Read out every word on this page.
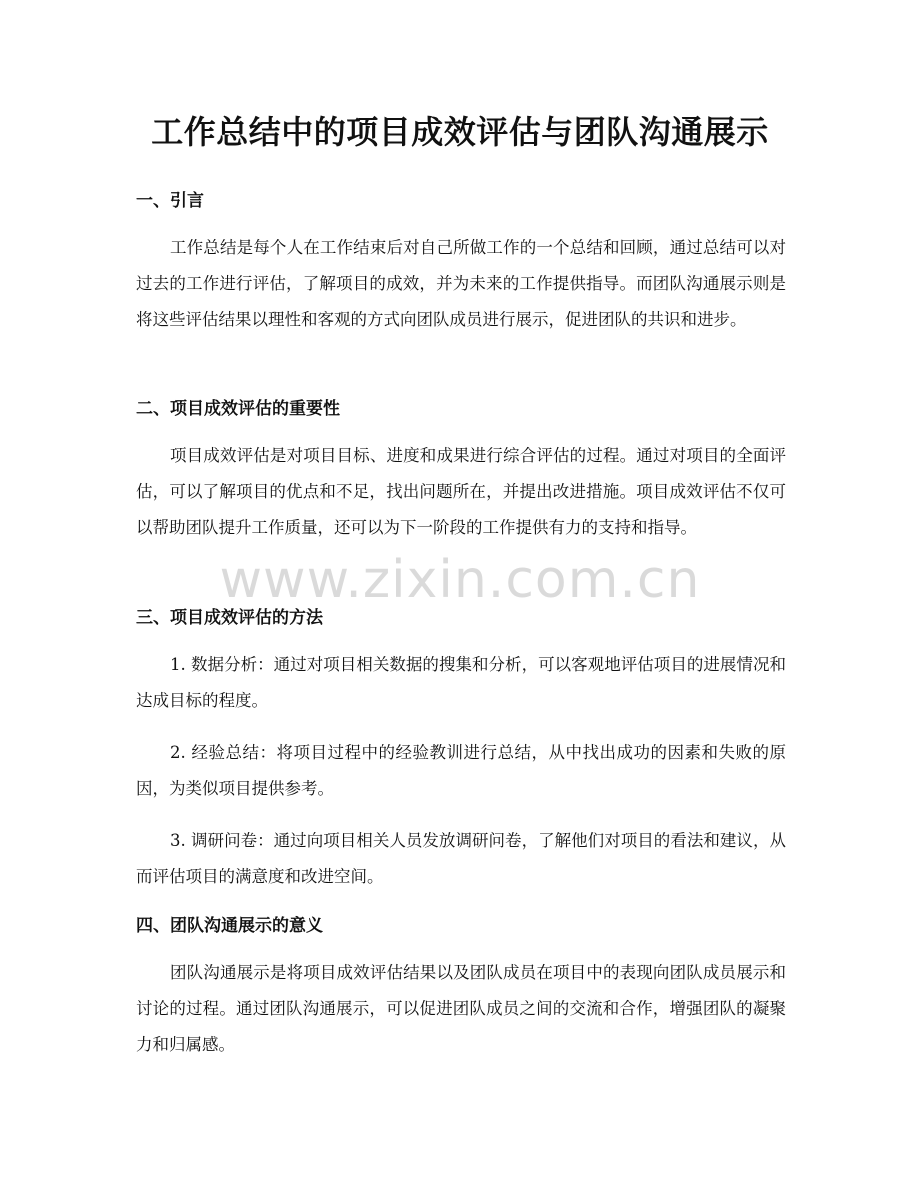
工作总结中的项目成效评估与团队沟通展示
一、引言

工作总结是每个人在工作结束后对自己所做工作的一个总结和回顾，通过总结可以对过去的工作进行评估，了解项目的成效，并为未来的工作提供指导。而团队沟通展示则是将这些评估结果以理性和客观的方式向团队成员进行展示，促进团队的共识和进步。

二、项目成效评估的重要性

项目成效评估是对项目目标、进度和成果进行综合评估的过程。通过对项目的全面评估，可以了解项目的优点和不足，找出问题所在，并提出改进措施。项目成效评估不仅可以帮助团队提升工作质量，还可以为下一阶段的工作提供有力的支持和指导。

三、项目成效评估的方法

1. 数据分析：通过对项目相关数据的搜集和分析，可以客观地评估项目的进展情况和达成目标的程度。

2. 经验总结：将项目过程中的经验教训进行总结，从中找出成功的因素和失败的原因，为类似项目提供参考。

3. 调研问卷：通过向项目相关人员发放调研问卷，了解他们对项目的看法和建议，从而评估项目的满意度和改进空间。

四、团队沟通展示的意义

团队沟通展示是将项目成效评估结果以及团队成员在项目中的表现向团队成员展示和讨论的过程。通过团队沟通展示，可以促进团队成员之间的交流和合作，增强团队的凝聚力和归属感。

www.zixin.com.cn
